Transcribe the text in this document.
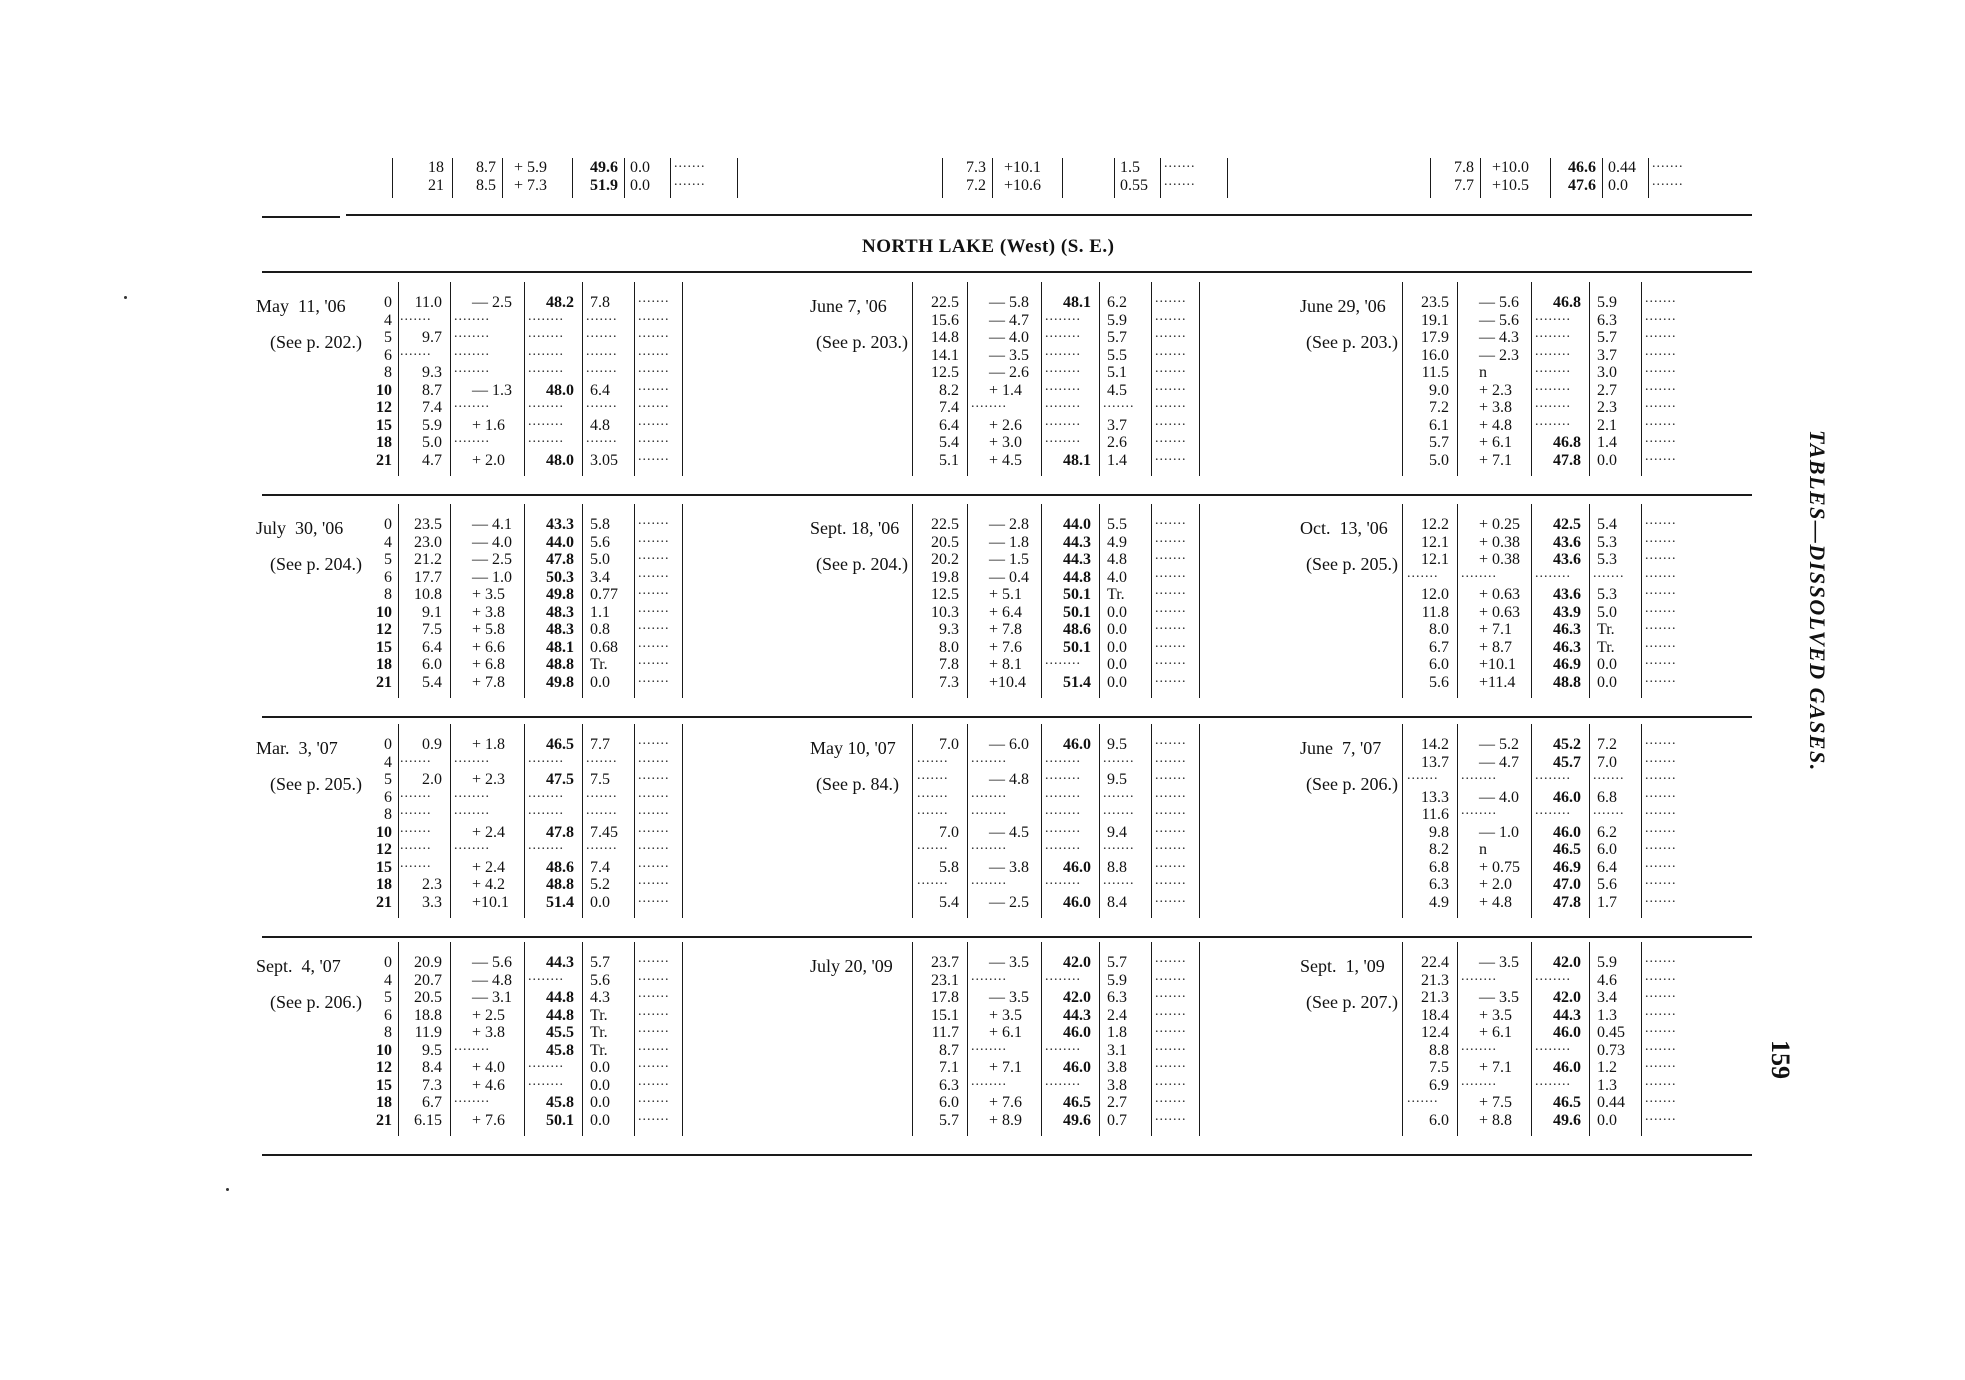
18
21
8.7
8.5
+ 5.9
+ 7.3
49.6
51.9
0.0
0.0
.......
.......
7.3
7.2
+10.1
+10.6
1.5
0.55
.......
.......
7.8
7.7
+10.0
+10.5
46.6
47.6
0.44
0.0
.......
.......
NORTH LAKE (West) (S. E.)
0
4
5
6
8
10
12
15
18
21
May  11, '06
(See p. 202.)
11.0
.......
9.7
.......
9.3
8.7
7.4
5.9
5.0
4.7
— 2.5
........
........
........
........
— 1.3
........
+ 1.6
........
+ 2.0
48.2
........
........
........
........
48.0
........
........
........
48.0
7.8
.......
.......
.......
.......
6.4
.......
4.8
.......
3.05
.......
.......
.......
.......
.......
.......
.......
.......
.......
.......
June 7, '06
(See p. 203.)
22.5
15.6
14.8
14.1
12.5
8.2
7.4
6.4
5.4
5.1
— 5.8
— 4.7
— 4.0
— 3.5
— 2.6
+ 1.4
........
+ 2.6
+ 3.0
+ 4.5
48.1
........
........
........
........
........
........
........
........
48.1
6.2
5.9
5.7
5.5
5.1
4.5
.......
3.7
2.6
1.4
.......
.......
.......
.......
.......
.......
.......
.......
.......
.......
June 29, '06
(See p. 203.)
23.5
19.1
17.9
16.0
11.5
9.0
7.2
6.1
5.7
5.0
— 5.6
— 5.6
— 4.3
— 2.3
n
+ 2.3
+ 3.8
+ 4.8
+ 6.1
+ 7.1
46.8
........
........
........
........
........
........
........
46.8
47.8
5.9
6.3
5.7
3.7
3.0
2.7
2.3
2.1
1.4
0.0
.......
.......
.......
.......
.......
.......
.......
.......
.......
.......
0
4
5
6
8
10
12
15
18
21
July  30, '06
(See p. 204.)
23.5
23.0
21.2
17.7
10.8
9.1
7.5
6.4
6.0
5.4
— 4.1
— 4.0
— 2.5
— 1.0
+ 3.5
+ 3.8
+ 5.8
+ 6.6
+ 6.8
+ 7.8
43.3
44.0
47.8
50.3
49.8
48.3
48.3
48.1
48.8
49.8
5.8
5.6
5.0
3.4
0.77
1.1
0.8
0.68
Tr.
0.0
.......
.......
.......
.......
.......
.......
.......
.......
.......
.......
Sept. 18, '06
(See p. 204.)
22.5
20.5
20.2
19.8
12.5
10.3
9.3
8.0
7.8
7.3
— 2.8
— 1.8
— 1.5
— 0.4
+ 5.1
+ 6.4
+ 7.8
+ 7.6
+ 8.1
+10.4
44.0
44.3
44.3
44.8
50.1
50.1
48.6
50.1
........
51.4
5.5
4.9
4.8
4.0
Tr.
0.0
0.0
0.0
0.0
0.0
.......
.......
.......
.......
.......
.......
.......
.......
.......
.......
Oct.  13, '06
(See p. 205.)
12.2
12.1
12.1
.......
12.0
11.8
8.0
6.7
6.0
5.6
+ 0.25
+ 0.38
+ 0.38
........
+ 0.63
+ 0.63
+ 7.1
+ 8.7
+10.1
+11.4
42.5
43.6
43.6
........
43.6
43.9
46.3
46.3
46.9
48.8
5.4
5.3
5.3
.......
5.3
5.0
Tr.
Tr.
0.0
0.0
.......
.......
.......
.......
.......
.......
.......
.......
.......
.......
0
4
5
6
8
10
12
15
18
21
Mar.  3, '07
(See p. 205.)
0.9
.......
2.0
.......
.......
.......
.......
.......
2.3
3.3
+ 1.8
........
+ 2.3
........
........
+ 2.4
........
+ 2.4
+ 4.2
+10.1
46.5
........
47.5
........
........
47.8
........
48.6
48.8
51.4
7.7
.......
7.5
.......
.......
7.45
.......
7.4
5.2
0.0
.......
.......
.......
.......
.......
.......
.......
.......
.......
.......
May 10, '07
(See p. 84.)
7.0
.......
.......
.......
.......
7.0
.......
5.8
.......
5.4
— 6.0
........
— 4.8
........
........
— 4.5
........
— 3.8
........
— 2.5
46.0
........
........
........
........
........
........
46.0
........
46.0
9.5
.......
9.5
.......
.......
9.4
.......
8.8
.......
8.4
.......
.......
.......
.......
.......
.......
.......
.......
.......
.......
June  7, '07
(See p. 206.)
14.2
13.7
.......
13.3
11.6
9.8
8.2
6.8
6.3
4.9
— 5.2
— 4.7
........
— 4.0
........
— 1.0
n
+ 0.75
+ 2.0
+ 4.8
45.2
45.7
........
46.0
........
46.0
46.5
46.9
47.0
47.8
7.2
7.0
.......
6.8
.......
6.2
6.0
6.4
5.6
1.7
.......
.......
.......
.......
.......
.......
.......
.......
.......
.......
0
4
5
6
8
10
12
15
18
21
Sept.  4, '07
(See p. 206.)
20.9
20.7
20.5
18.8
11.9
9.5
8.4
7.3
6.7
6.15
— 5.6
— 4.8
— 3.1
+ 2.5
+ 3.8
........
+ 4.0
+ 4.6
........
+ 7.6
44.3
........
44.8
44.8
45.5
45.8
........
........
45.8
50.1
5.7
5.6
4.3
Tr.
Tr.
Tr.
0.0
0.0
0.0
0.0
.......
.......
.......
.......
.......
.......
.......
.......
.......
.......
July 20, '09	23.7
23.1
17.8
15.1
11.7
8.7
7.1
6.3
6.0
5.7
— 3.5
........
— 3.5
+ 3.5
+ 6.1
........
+ 7.1
........
+ 7.6
+ 8.9
42.0
........
42.0
44.3
46.0
........
46.0
........
46.5
49.6
5.7
5.9
6.3
2.4
1.8
3.1
3.8
3.8
2.7
0.7
.......
.......
.......
.......
.......
.......
.......
.......
.......
.......
Sept.  1, '09
(See p. 207.)
22.4
21.3
21.3
18.4
12.4
8.8
7.5
6.9
.......
6.0
— 3.5
........
— 3.5
+ 3.5
+ 6.1
........
+ 7.1
........
+ 7.5
+ 8.8
42.0
........
42.0
44.3
46.0
........
46.0
........
46.5
49.6
5.9
4.6
3.4
1.3
0.45
0.73
1.2
1.3
0.44
0.0
.......
.......
.......
.......
.......
.......
.......
.......
.......
.......
TABLES—DISSOLVED GASES.
159
